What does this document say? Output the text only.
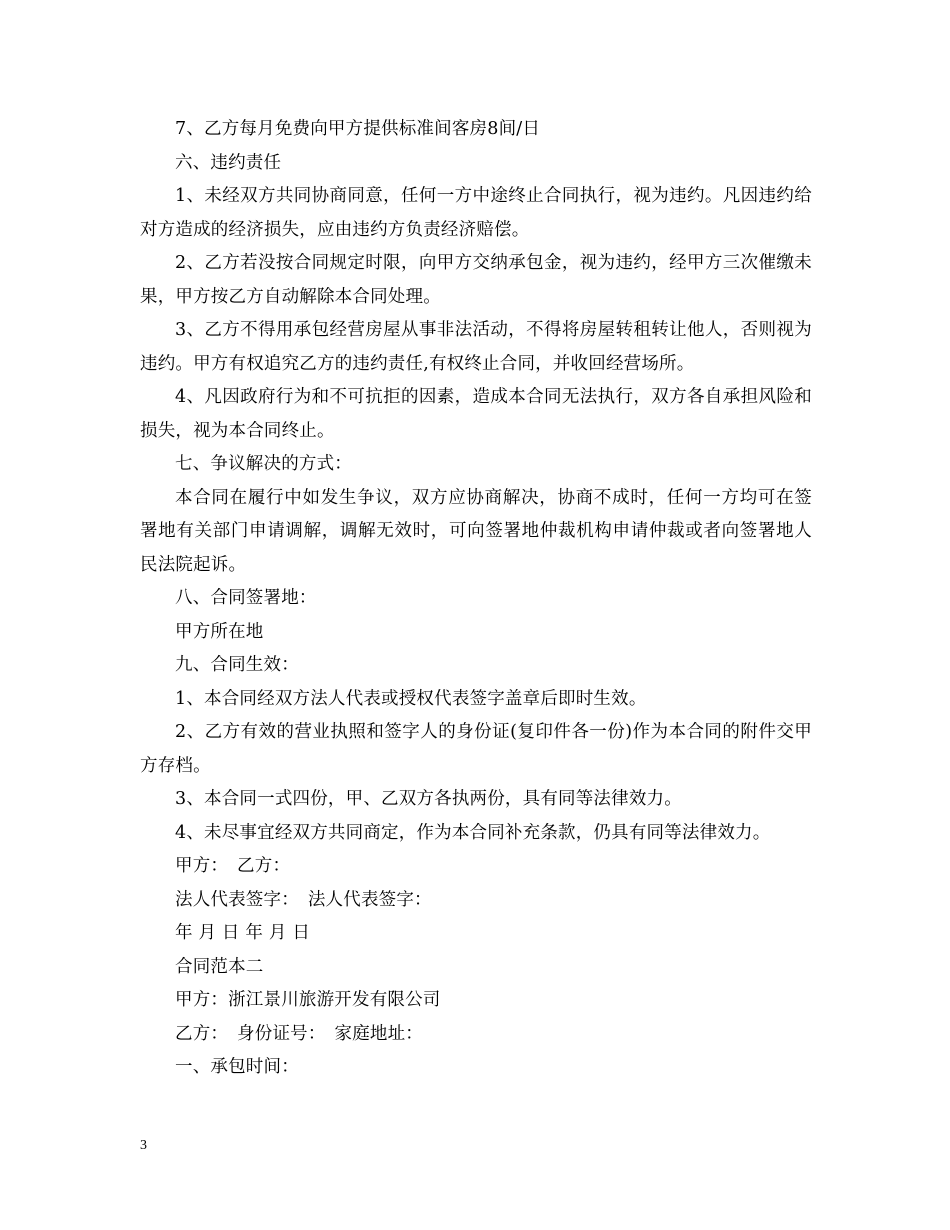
7、乙方每月免费向甲方提供标准间客房8间/日

六、违约责任

1、未经双方共同协商同意，任何一方中途终止合同执行，视为违约。凡因违约给对方造成的经济损失，应由违约方负责经济赔偿。

2、乙方若没按合同规定时限，向甲方交纳承包金，视为违约，经甲方三次催缴未果，甲方按乙方自动解除本合同处理。

3、乙方不得用承包经营房屋从事非法活动，不得将房屋转租转让他人，否则视为违约。甲方有权追究乙方的违约责任,有权终止合同，并收回经营场所。

4、凡因政府行为和不可抗拒的因素，造成本合同无法执行，双方各自承担风险和损失，视为本合同终止。

七、争议解决的方式：

本合同在履行中如发生争议，双方应协商解决，协商不成时，任何一方均可在签署地有关部门申请调解，调解无效时，可向签署地仲裁机构申请仲裁或者向签署地人民法院起诉。

八、合同签署地：

甲方所在地

九、合同生效：

1、本合同经双方法人代表或授权代表签字盖章后即时生效。

2、乙方有效的营业执照和签字人的身份证(复印件各一份)作为本合同的附件交甲方存档。

3、本合同一式四份，甲、乙双方各执两份，具有同等法律效力。

4、未尽事宜经双方共同商定，作为本合同补充条款，仍具有同等法律效力。

甲方：　乙方：

法人代表签字：　法人代表签字：

年 月 日 年 月 日

合同范本二

甲方：浙江景川旅游开发有限公司

乙方：　身份证号：　家庭地址：

一、承包时间：

3
